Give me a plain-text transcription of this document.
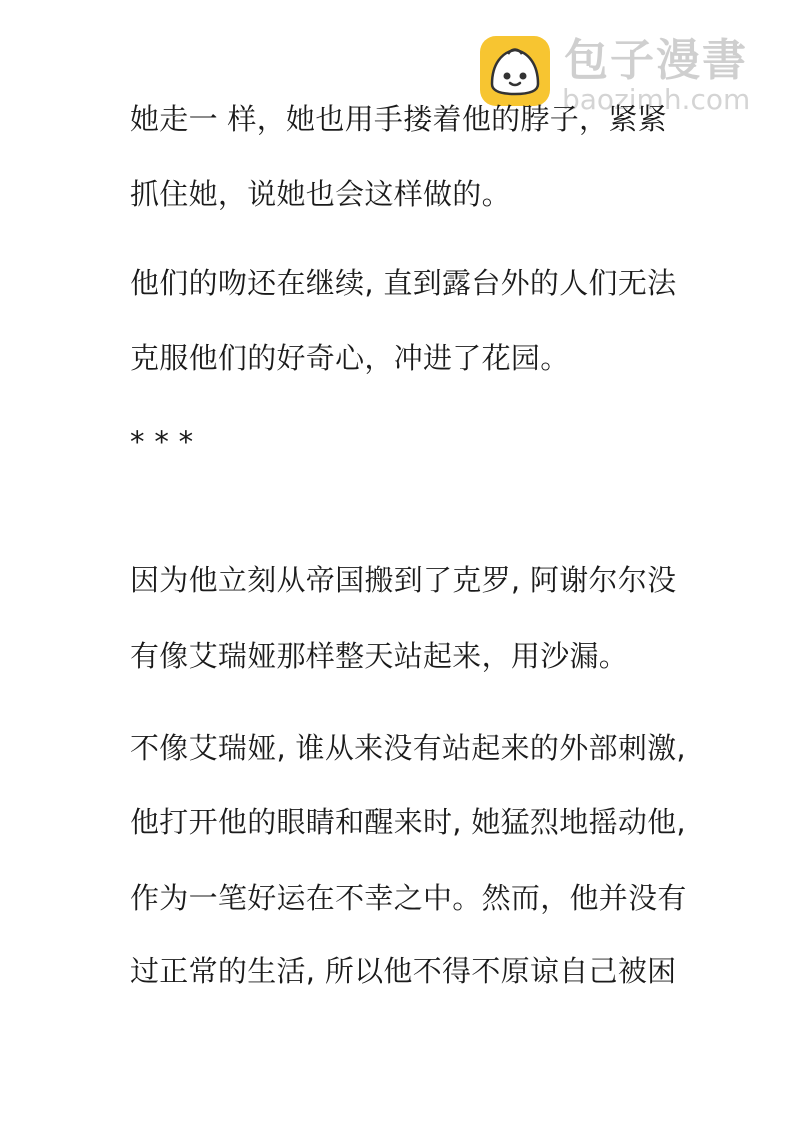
包子漫書
baozimh.com
她走一 样，她也用手搂着他的脖子，紧紧
抓住她，说她也会这样做的。
他们的吻还在继续, 直到露台外的人们无法
克服他们的好奇心，冲进了花园。
* * *
因为他立刻从帝国搬到了克罗, 阿谢尔尔没
有像艾瑞娅那样整天站起来，用沙漏。
不像艾瑞娅, 谁从来没有站起来的外部刺激,
他打开他的眼睛和醒来时, 她猛烈地摇动他,
作为一笔好运在不幸之中。然而，他并没有
过正常的生活, 所以他不得不原谅自己被困
